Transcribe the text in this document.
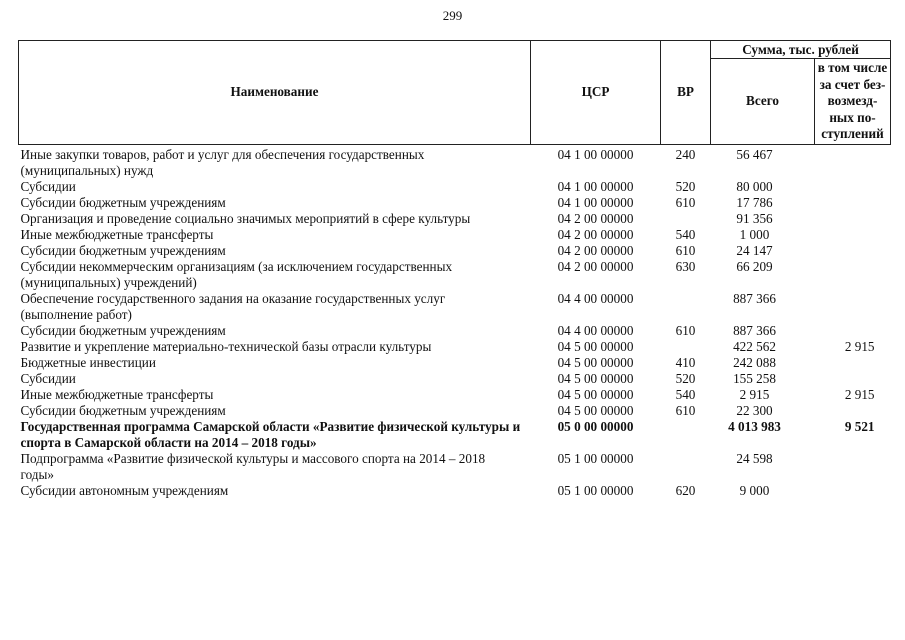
299
Наименование	ЦСР	ВР	Сумма, тыс. рублей	
			Всего	в том числе за счет без-возмезд-ных по-ступлений
Иные закупки товаров, работ и услуг для обеспечения государственных (муниципальных) нужд	04 1 00 00000	240	56 467	
Субсидии	04 1 00 00000	520	80 000	
Субсидии бюджетным учреждениям	04 1 00 00000	610	17 786	
Организация и проведение социально значимых мероприятий в сфере культуры	04 2 00 00000		91 356	
Иные межбюджетные трансферты	04 2 00 00000	540	1 000	
Субсидии бюджетным учреждениям	04 2 00 00000	610	24 147	
Субсидии некоммерческим организациям (за исключением государственных (муниципальных) учреждений)	04 2 00 00000	630	66 209	
Обеспечение государственного задания на оказание государственных услуг (выполнение работ)	04 4 00 00000		887 366	
Субсидии бюджетным учреждениям	04 4 00 00000	610	887 366	
Развитие и укрепление материально-технической базы отрасли культуры	04 5 00 00000		422 562	2 915
Бюджетные инвестиции	04 5 00 00000	410	242 088	
Субсидии	04 5 00 00000	520	155 258	
Иные межбюджетные трансферты	04 5 00 00000	540	2 915	2 915
Субсидии бюджетным учреждениям	04 5 00 00000	610	22 300	
Государственная программа Самарской области «Развитие физической культуры и спорта в Самарской области на 2014 – 2018 годы»	05 0 00 00000		4 013 983	9 521
Подпрограмма «Развитие физической культуры и массового спорта на 2014 – 2018 годы»	05 1 00 00000		24 598	
Субсидии автономным учреждениям	05 1 00 00000	620	9 000	
